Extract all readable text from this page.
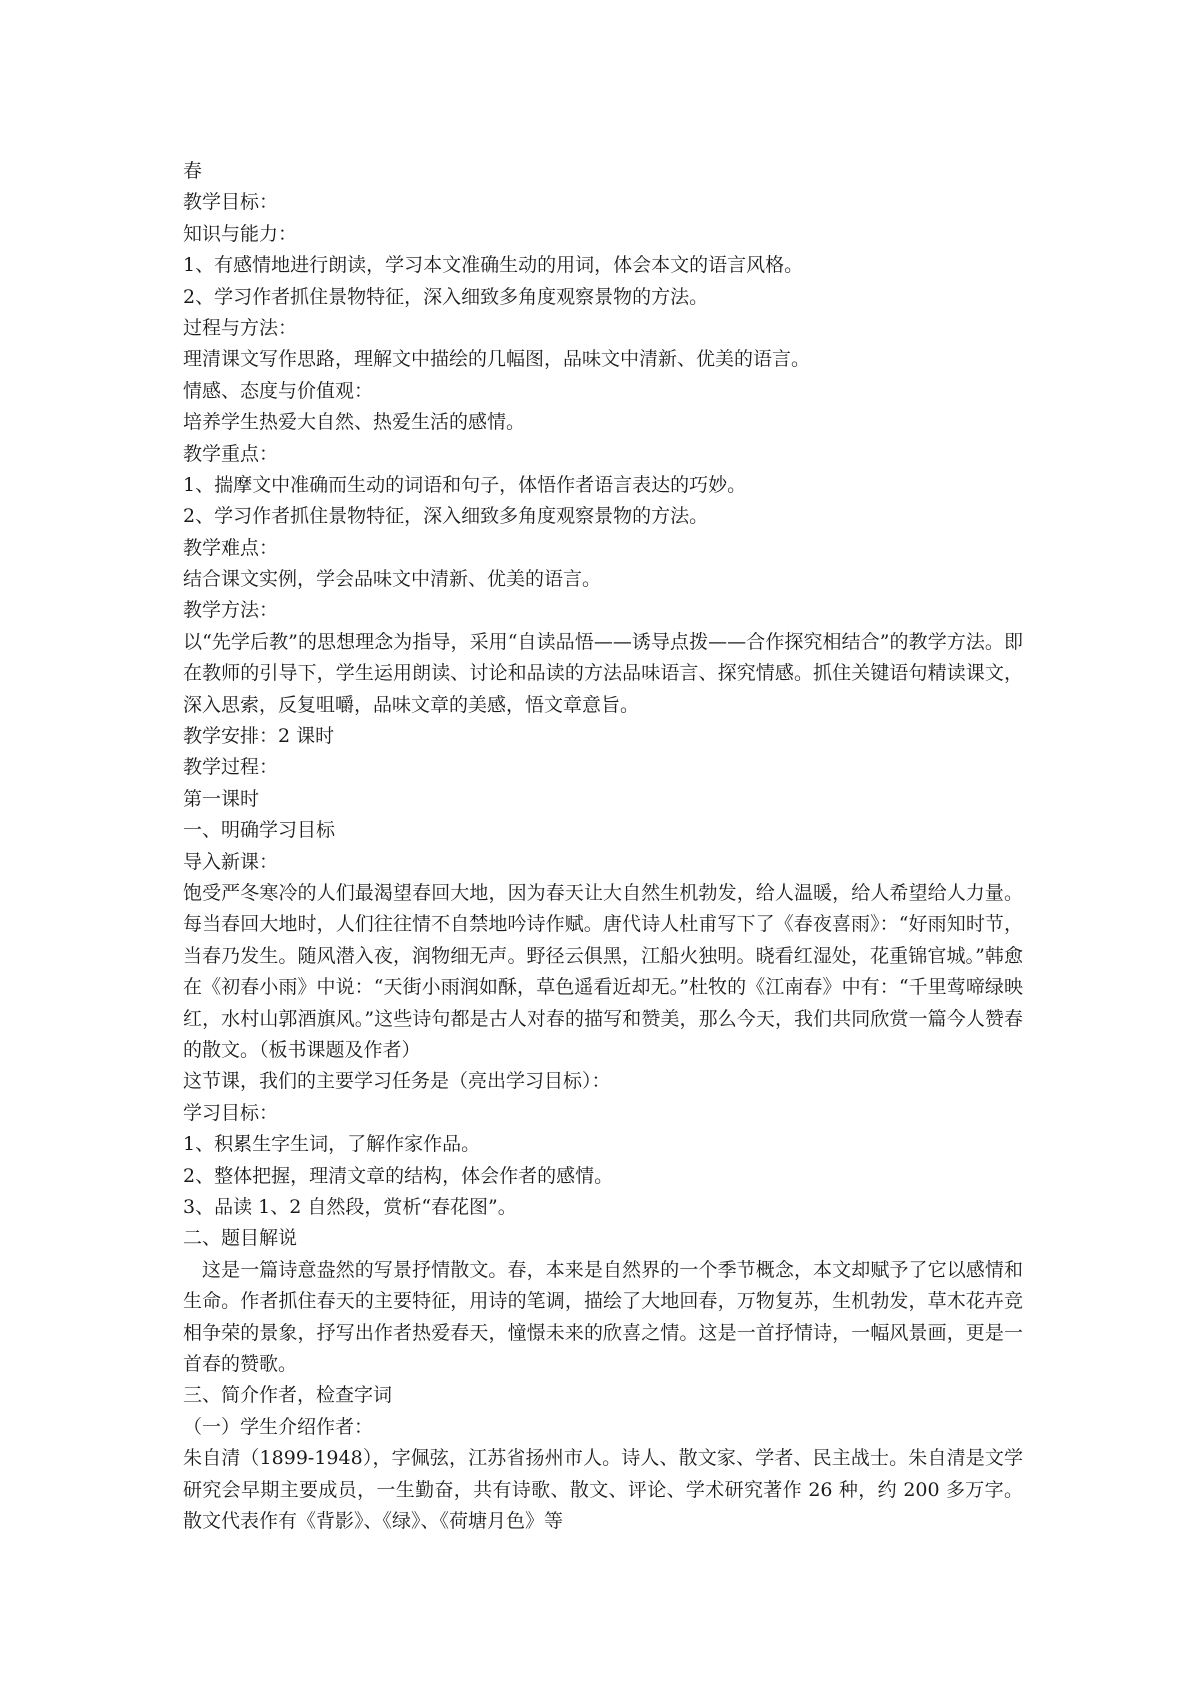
春
教学目标：
知识与能力：
1、有感情地进行朗读，学习本文准确生动的用词，体会本文的语言风格。
2、学习作者抓住景物特征，深入细致多角度观察景物的方法。
过程与方法：
理清课文写作思路，理解文中描绘的几幅图，品味文中清新、优美的语言。
情感、态度与价值观：
培养学生热爱大自然、热爱生活的感情。
教学重点：
1、揣摩文中准确而生动的词语和句子，体悟作者语言表达的巧妙。
2、学习作者抓住景物特征，深入细致多角度观察景物的方法。
教学难点：
结合课文实例，学会品味文中清新、优美的语言。
教学方法：

以“先学后教”的思想理念为指导，采用“自读品悟——诱导点拨——合作探究相结合”的教学方法。即在教师的引导下，学生运用朗读、讨论和品读的方法品味语言、探究情感。抓住关键语句精读课文，深入思索，反复咀嚼，品味文章的美感，悟文章意旨。

教学安排：2 课时
教学过程：
第一课时
一、明确学习目标
导入新课：

饱受严冬寒冷的人们最渴望春回大地，因为春天让大自然生机勃发，给人温暖，给人希望给人力量。每当春回大地时，人们往往情不自禁地吟诗作赋。唐代诗人杜甫写下了《春夜喜雨》：“好雨知时节，当春乃发生。随风潜入夜，润物细无声。野径云俱黑，江船火独明。晓看红湿处，花重锦官城。”韩愈在《初春小雨》中说：“天街小雨润如酥，草色遥看近却无。”杜牧的《江南春》中有：“千里莺啼绿映红，水村山郭酒旗风。”这些诗句都是古人对春的描写和赞美，那么今天，我们共同欣赏一篇今人赞春的散文。（板书课题及作者）

这节课，我们的主要学习任务是（亮出学习目标）：
学习目标：
1、积累生字生词，了解作家作品。
2、整体把握，理清文章的结构，体会作者的感情。
3、品读 1、2 自然段，赏析“春花图”。
二、题目解说

这是一篇诗意盎然的写景抒情散文。春，本来是自然界的一个季节概念，本文却赋予了它以感情和生命。作者抓住春天的主要特征，用诗的笔调，描绘了大地回春，万物复苏，生机勃发，草木花卉竞相争荣的景象，抒写出作者热爱春天，憧憬未来的欣喜之情。这是一首抒情诗，一幅风景画，更是一首春的赞歌。

三、简介作者，检查字词
（一）学生介绍作者：

朱自清（1899-1948），字佩弦，江苏省扬州市人。诗人、散文家、学者、民主战士。朱自清是文学研究会早期主要成员，一生勤奋，共有诗歌、散文、评论、学术研究著作 26 种，约 200 多万字。散文代表作有《背影》、《绿》、《荷塘月色》等
